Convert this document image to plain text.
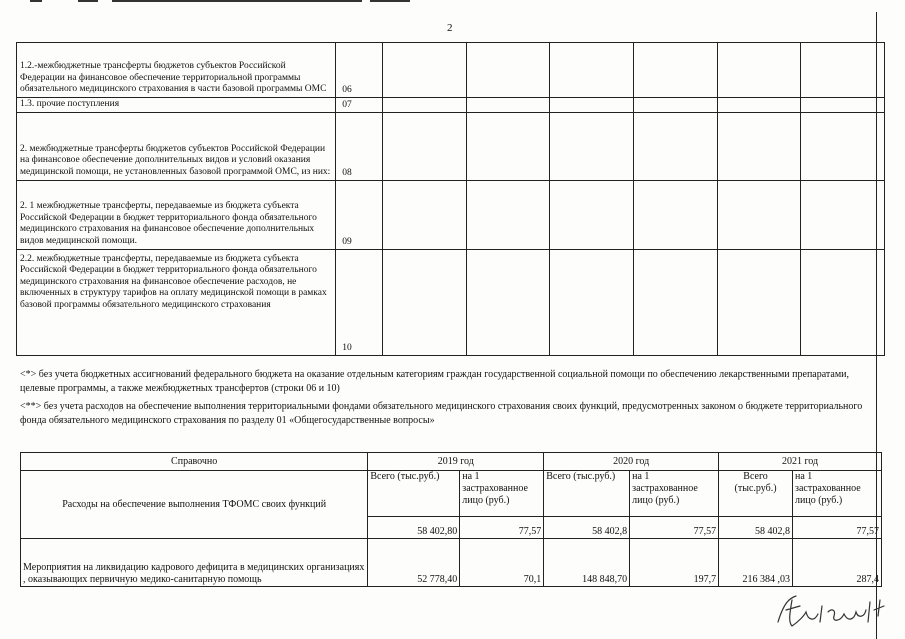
2
1.2.-межбюджетные трансферты бюджетов субъектов Российской Федерации на финансовое обеспечение территориальной программы обязательного медицинского страхования в части базовой программы ОМС	06						
1.3. прочие поступления	07						
2. межбюджетные трансферты бюджетов субъектов Российской Федерации на финансовое обеспечение дополнительных видов и условий оказания медицинской помощи, не установленных базовой программой ОМС, из них:	08						
2. 1 межбюджетные трансферты, передаваемые из бюджета субъекта Российской Федерации в бюджет территориального фонда обязательного медицинского страхования на финансовое обеспечение дополнительных видов медицинской помощи.	09						
2.2. межбюджетные трансферты, передаваемые из бюджета субъекта Российской Федерации в бюджет территориального фонда обязательного медицинского страхования на финансовое обеспечение расходов, не включенных в структуру тарифов на оплату медицинской помощи в рамках базовой программы обязательного медицинского страхования	10						

<*> без учета бюджетных ассигнований федерального бюджета на оказание отдельным категориям граждан государственной социальной помощи по обеспечению лекарственными препаратами, целевые программы, а также межбюджетных трансфертов (строки 06 и 10)

<**> без учета расходов на обеспечение выполнения территориальными фондами обязательного медицинского страхования своих функций, предусмотренных законом о бюджете территориального фонда обязательного медицинского страхования по разделу 01 «Общегосударственные вопросы»

Справочно	2019 год		2020 год		2021 год	
Расходы на обеспечение выполнения ТФОМС своих функций	Всего (тыс.руб.)	на 1 застрахованное лицо (руб.)	Всего (тыс.руб.)	на 1 застрахованное лицо (руб.)	Всего (тыс.руб.)	на 1 застрахованное лицо (руб.)
	58 402,80	77,57	58 402,8	77,57	58 402,8	77,57
Мероприятия на ликвидацию кадрового дефицита в медицинских организациях , оказывающих первичную медико-санитарную помощь	52 778,40	70,1	148 848,70	197,7	216 384 ,03	287,4
